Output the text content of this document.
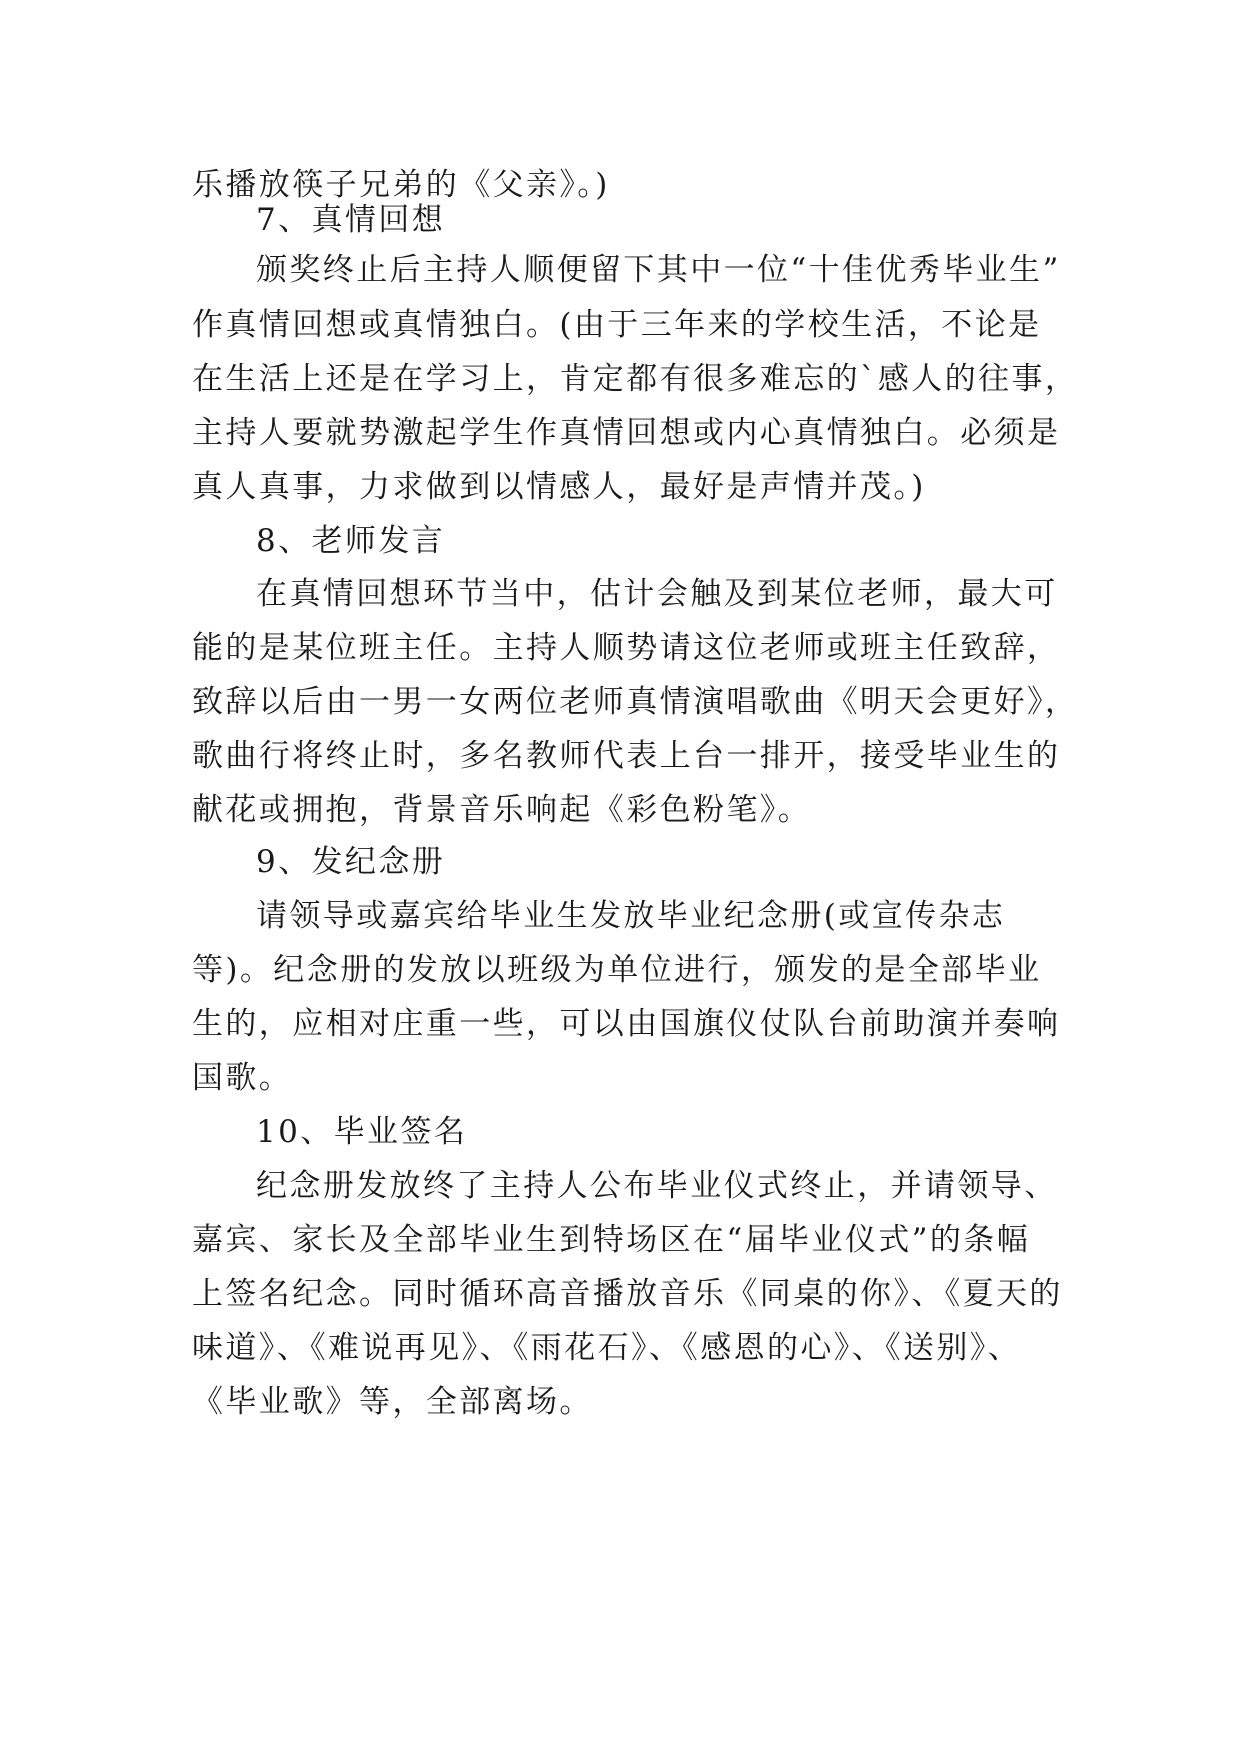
乐播放筷子兄弟的《父亲》。)

7、真情回想

颁奖终止后主持人顺便留下其中一位“十佳优秀毕业生”

作真情回想或真情独白。(由于三年来的学校生活，不论是

在生活上还是在学习上，肯定都有很多难忘的`感人的往事，

主持人要就势激起学生作真情回想或内心真情独白。必须是

真人真事，力求做到以情感人，最好是声情并茂。)

8、老师发言

在真情回想环节当中，估计会触及到某位老师，最大可

能的是某位班主任。主持人顺势请这位老师或班主任致辞，

致辞以后由一男一女两位老师真情演唱歌曲《明天会更好》，

歌曲行将终止时，多名教师代表上台一排开，接受毕业生的

献花或拥抱，背景音乐响起《彩色粉笔》。

9、发纪念册

请领导或嘉宾给毕业生发放毕业纪念册(或宣传杂志

等)。纪念册的发放以班级为单位进行，颁发的是全部毕业

生的，应相对庄重一些，可以由国旗仪仗队台前助演并奏响

国歌。

10、毕业签名

纪念册发放终了主持人公布毕业仪式终止，并请领导、

嘉宾、家长及全部毕业生到特场区在“届毕业仪式”的条幅

上签名纪念。同时循环高音播放音乐《同桌的你》、《夏天的

味道》、《难说再见》、《雨花石》、《感恩的心》、《送别》、

《毕业歌》等，全部离场。
